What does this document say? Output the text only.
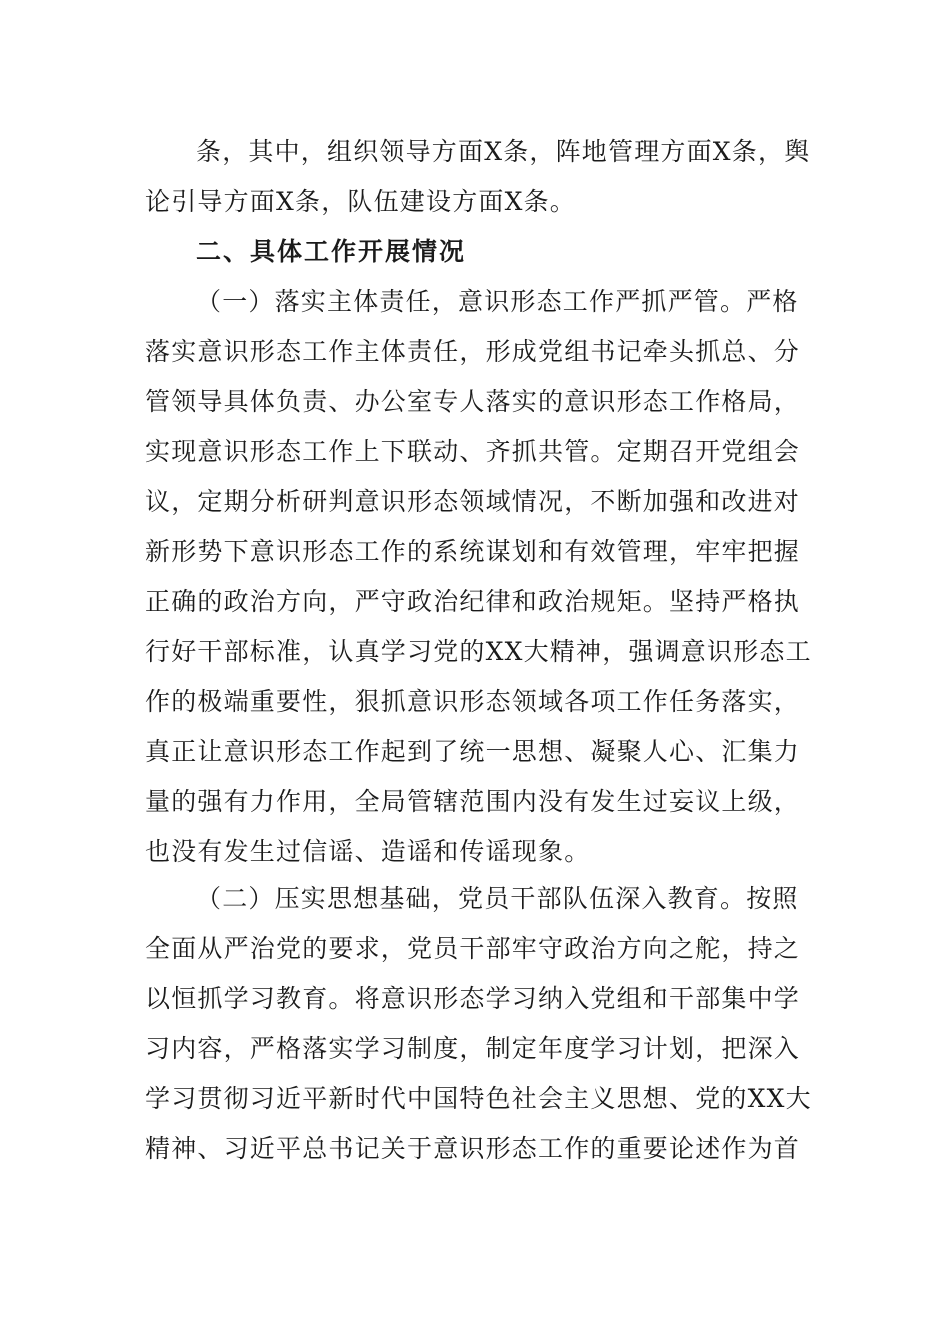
条，其中，组织领导方面X条，阵地管理方面X条，舆
论引导方面X条，队伍建设方面X条。
二、具体工作开展情况
（一）落实主体责任，意识形态工作严抓严管。严格
落实意识形态工作主体责任，形成党组书记牵头抓总、分
管领导具体负责、办公室专人落实的意识形态工作格局，
实现意识形态工作上下联动、齐抓共管。定期召开党组会
议，定期分析研判意识形态领域情况，不断加强和改进对
新形势下意识形态工作的系统谋划和有效管理，牢牢把握
正确的政治方向，严守政治纪律和政治规矩。坚持严格执
行好干部标准，认真学习党的XX大精神，强调意识形态工
作的极端重要性，狠抓意识形态领域各项工作任务落实，
真正让意识形态工作起到了统一思想、凝聚人心、汇集力
量的强有力作用，全局管辖范围内没有发生过妄议上级，
也没有发生过信谣、造谣和传谣现象。
（二）压实思想基础，党员干部队伍深入教育。按照
全面从严治党的要求，党员干部牢守政治方向之舵，持之
以恒抓学习教育。将意识形态学习纳入党组和干部集中学
习内容，严格落实学习制度，制定年度学习计划，把深入
学习贯彻习近平新时代中国特色社会主义思想、党的XX大
精神、习近平总书记关于意识形态工作的重要论述作为首
